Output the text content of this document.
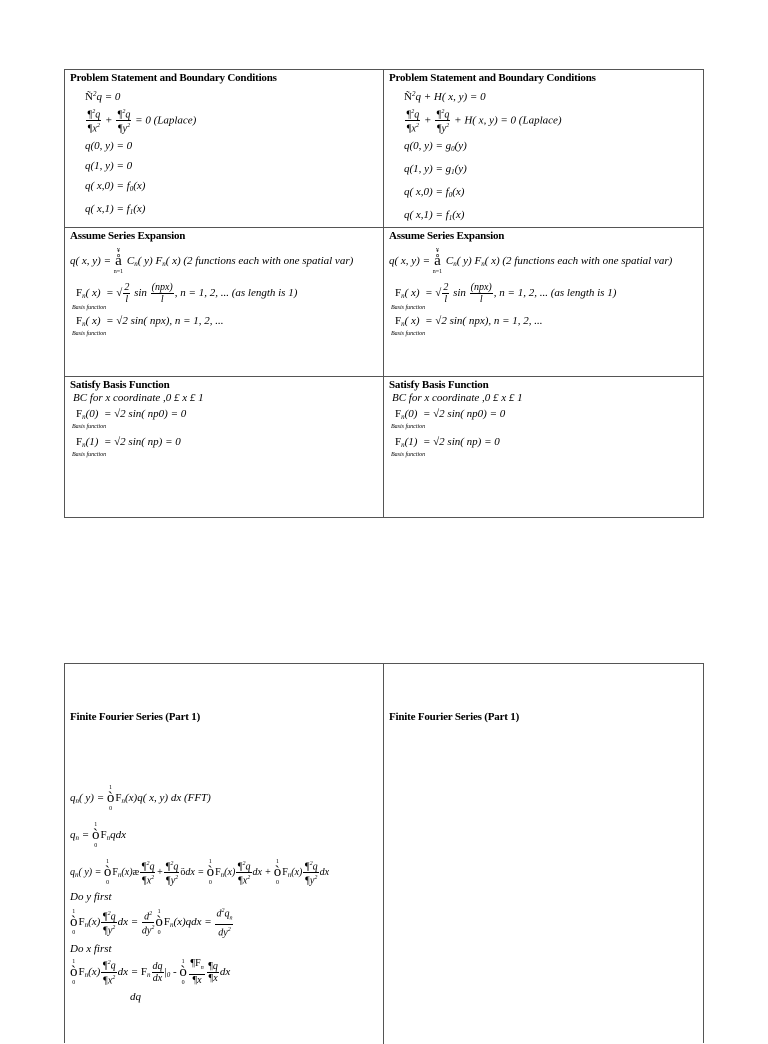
Problem Statement and Boundary Conditions
$Ñ^2q = 0$
$\frac{\P^2q}{\P x^2} + \frac{\P^2q}{\P y^2} = 0$ (Laplace)
q(0, y) = 0
q(1, y) = 0
q( $x,0) = f_0(x)$
q( $x,1) = f_1(x)$
Problem Statement and Boundary Conditions
$Ñ^2q + H$( x, y) = 0
$\frac{\P^2q}{\P x^2} + \frac{\P^2q}{\P y^2} + H$( x, y) = 0 (Laplace)
q(0, $y) = g_0(y)$
q(1, $y) = g_1(y)$
q( $x,0) = f_0(x)$
q( $x,1) = f_1(x)$
Assume Series Expansion
q( x, y) =
¥
å
n=1
$C_n$( y) $F_n$( x) (2 functions each with one spatial var)
$F_n$( x)  = √ $\frac{2}{l}$ $\sin \frac{\text{(npx)}}{l}$ , n = 1, 2, ... (as length is 1)
Basis function
$F_n$( x)  = √2 sin( npx), n = 1, 2, ...
Basis function
Assume Series Expansion
q( x, y) =
¥
å
n=1
$C_n$( y) $F_n$( x) (2 functions each with one spatial var)
$F_n$( x)  = √ $\frac{2}{l}$ $\sin \frac{\text{(npx)}}{l}$ , n = 1, 2, ... (as length is 1)
Basis function
$F_n$( x)  = √2 sin( npx), n = 1, 2, ...
Basis function
Satisfy Basis Function
BC for x coordinate ,0 £ x £ 1
$F_n(0) = √2$ sin( np0) = 0
Basis function
$F_n(1) = √2$ sin( np) = 0
Basis function
Satisfy Basis Function
BC for x coordinate ,0 £ x £ 1
$F_n(0) = √2$ sin( np0) = 0
Basis function
$F_n(1) = √2$ sin( np) = 0
Basis function
Finite Fourier Series (Part 1)
$q_n$( y) =
1
ò
0
$F_n(x)q$( x, y) dx (FFT)
$q_n$ =
1
ò
0
$F_nqdx$
$q_n$( y) =
1
ò
0
$F_n(x)æ \frac{\P^2q}{\P x^2} + \frac{\P^2q}{\P y^2}$ ödx =
1
ò
0
$F_n(x) \frac{\P^2q}{\P x^2}$ dx +
1
ò
0
$F_n(x) \frac{\P^2q}{\P y^2}$ dx
Do y first
1
ò
0
$F_n(x) \frac{\P^2q}{\P y^2}$ dx = $\frac{d^2}{dy^2} 1$
ò
0
$F_n(x)qdx = \frac{d^2q_n}{dy^2}$
Do x first
1
ò
0
$F_n(x) \frac{\P^2q}{\P x^2}$ dx = $F_n \frac{dq}{dx} |_0$ -
1
ò
$0 \frac{\P F_n}{\P x} \frac{\P q}{\P x}$ dx
dq
Finite Fourier Series (Part 1)
